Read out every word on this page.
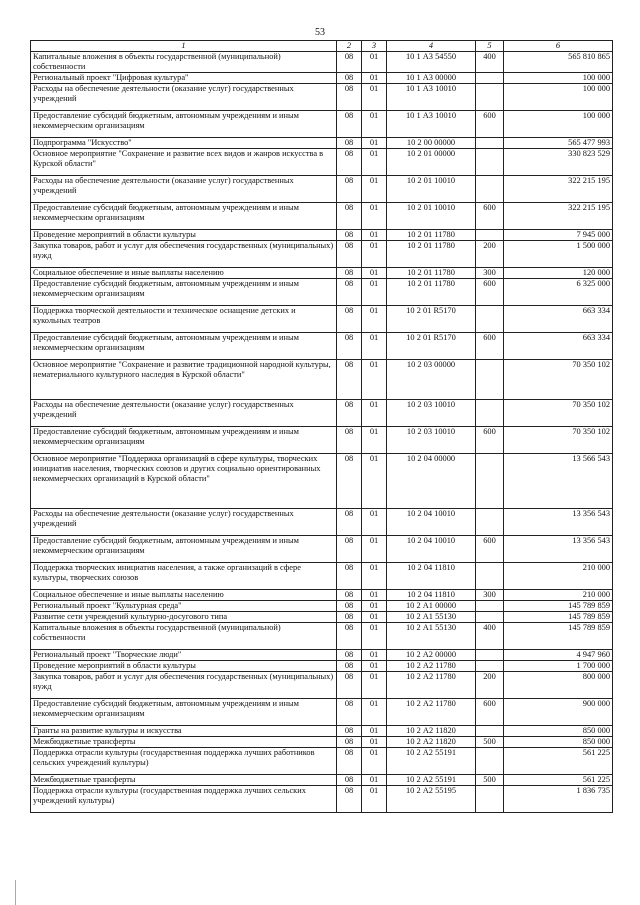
53
1	2	3	4	5	6
Капитальные вложения в объекты государственной (муниципальной) собственности	08	01	10 1 А3 54550	400	565 810 865
Региональный проект "Цифровая культура"	08	01	10 1 А3 00000		100 000
Расходы на обеспечение деятельности (оказание услуг) государственных учреждений	08	01	10 1 А3 10010		100 000
Предоставление субсидий бюджетным, автономным учреждениям и иным некоммерческим организациям	08	01	10 1 А3 10010	600	100 000
Подпрограмма "Искусство"	08	01	10 2 00 00000		565 477 993
Основное мероприятие "Сохранение и развитие всех видов и жанров искусства в Курской области"	08	01	10 2 01 00000		330 823 529
Расходы на обеспечение деятельности (оказание услуг) государственных учреждений	08	01	10 2 01 10010		322 215 195
Предоставление субсидий бюджетным, автономным учреждениям и иным некоммерческим организациям	08	01	10 2 01 10010	600	322 215 195
Проведение мероприятий в области культуры	08	01	10 2 01 11780		7 945 000
Закупка товаров, работ и услуг для обеспечения государственных (муниципальных) нужд	08	01	10 2 01 11780	200	1 500 000
Социальное обеспечение и иные выплаты населению	08	01	10 2 01 11780	300	120 000
Предоставление субсидий бюджетным, автономным учреждениям и иным некоммерческим организациям	08	01	10 2 01 11780	600	6 325 000
Поддержка творческой деятельности и техническое оснащение детских и кукольных театров	08	01	10 2 01 R5170		663 334
Предоставление субсидий бюджетным, автономным учреждениям и иным некоммерческим организациям	08	01	10 2 01 R5170	600	663 334
Основное мероприятие "Сохранение и развитие традиционной народной культуры, нематериального культурного наследия в Курской области"	08	01	10 2 03 00000		70 350 102
Расходы на обеспечение деятельности (оказание услуг) государственных учреждений	08	01	10 2 03 10010		70 350 102
Предоставление субсидий бюджетным, автономным учреждениям и иным некоммерческим организациям	08	01	10 2 03 10010	600	70 350 102
Основное мероприятие "Поддержка организаций в сфере культуры, творческих инициатив населения, творческих союзов и других социально ориентированных некоммерческих организаций в Курской области"	08	01	10 2 04 00000		13 566 543
Расходы на обеспечение деятельности (оказание услуг) государственных учреждений	08	01	10 2 04 10010		13 356 543
Предоставление субсидий бюджетным, автономным учреждениям и иным некоммерческим организациям	08	01	10 2 04 10010	600	13 356 543
Поддержка творческих инициатив населения, а также организаций в сфере культуры, творческих союзов	08	01	10 2 04 11810		210 000
Социальное обеспечение и иные выплаты населению	08	01	10 2 04 11810	300	210 000
Региональный проект "Культурная среда"	08	01	10 2 А1 00000		145 789 859
Развитие сети учреждений культурно-досугового типа	08	01	10 2 А1 55130		145 789 859
Капитальные вложения в объекты государственной (муниципальной) собственности	08	01	10 2 А1 55130	400	145 789 859
Региональный проект "Творческие люди"	08	01	10 2 А2 00000		4 947 960
Проведение мероприятий в области культуры	08	01	10 2 А2 11780		1 700 000
Закупка товаров, работ и услуг для обеспечения государственных (муниципальных) нужд	08	01	10 2 А2 11780	200	800 000
Предоставление субсидий бюджетным, автономным учреждениям и иным некоммерческим организациям	08	01	10 2 А2 11780	600	900 000
Гранты на развитие культуры и искусства	08	01	10 2 А2 11820		850 000
Межбюджетные трансферты	08	01	10 2 А2 11820	500	850 000
Поддержка отрасли культуры (государственная поддержка лучших работников сельских учреждений культуры)	08	01	10 2 А2 55191		561 225
Межбюджетные трансферты	08	01	10 2 А2 55191	500	561 225
Поддержка отрасли культуры (государственная поддержка лучших сельских учреждений культуры)	08	01	10 2 А2 55195		1 836 735
